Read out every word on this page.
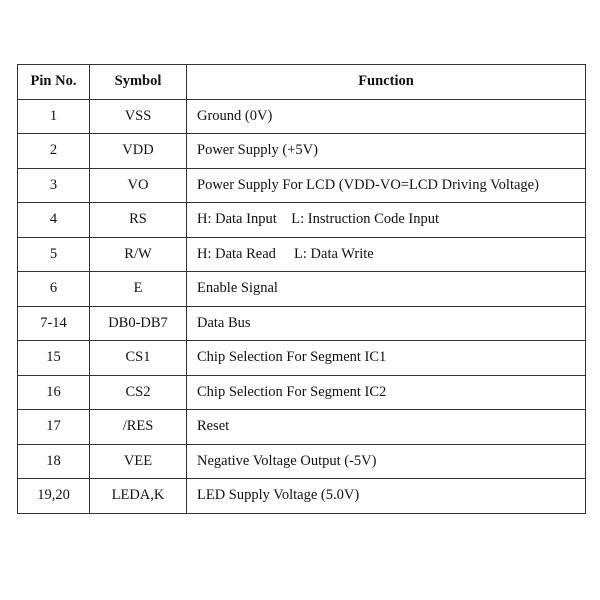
Pin No.	Symbol	Function
1	VSS	Ground (0V)
2	VDD	Power Supply (+5V)
3	VO	Power Supply For LCD (VDD-VO=LCD Driving Voltage)
4	RS	H: Data Input    L: Instruction Code Input
5	R/W	H: Data Read     L: Data Write
6	E	Enable Signal
7-14	DB0-DB7	Data Bus
15	CS1	Chip Selection For Segment IC1
16	CS2	Chip Selection For Segment IC2
17	/RES	Reset
18	VEE	Negative Voltage Output (-5V)
19,20	LEDA,K	LED Supply Voltage (5.0V)
